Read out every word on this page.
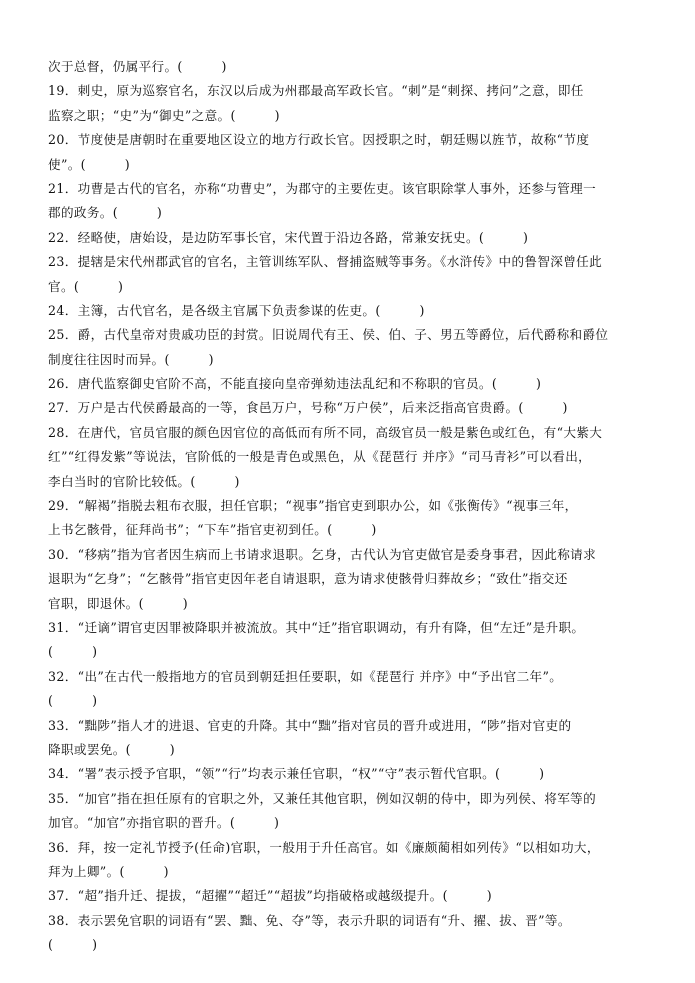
次于总督，仍属平行。(　　　)
19．刺史，原为巡察官名，东汉以后成为州郡最高军政长官。“刺”是“刺探、拷问”之意，即任
监察之职；“史”为“御史”之意。(　　　)
20．节度使是唐朝时在重要地区设立的地方行政长官。因授职之时，朝廷赐以旌节，故称“节度
使”。(　　　)
21．功曹是古代的官名，亦称“功曹史”，为郡守的主要佐吏。该官职除掌人事外，还参与管理一
郡的政务。(　　　)
22．经略使，唐始设，是边防军事长官，宋代置于沿边各路，常兼安抚史。(　　　)
23．提辖是宋代州郡武官的官名，主管训练军队、督捕盗贼等事务。《水浒传》中的鲁智深曾任此
官。(　　　)
24．主簿，古代官名，是各级主官属下负责参谋的佐吏。(　　　)
25．爵，古代皇帝对贵戚功臣的封赏。旧说周代有王、侯、伯、子、男五等爵位，后代爵称和爵位
制度往往因时而异。(　　　)
26．唐代监察御史官阶不高，不能直接向皇帝弹劾违法乱纪和不称职的官员。(　　　)
27．万户是古代侯爵最高的一等，食邑万户，号称“万户侯”，后来泛指高官贵爵。(　　　)
28．在唐代，官员官服的颜色因官位的高低而有所不同，高级官员一般是紫色或红色，有“大紫大
红”“红得发紫”等说法，官阶低的一般是青色或黑色，从《琵琶行 并序》“司马青衫”可以看出，
李白当时的官阶比较低。(　　　)
29．“解褐”指脱去粗布衣服，担任官职；“视事”指官吏到职办公，如《张衡传》“视事三年，
上书乞骸骨，征拜尚书”；“下车”指官吏初到任。(　　　)
30．“移病”指为官者因生病而上书请求退职。乞身，古代认为官吏做官是委身事君，因此称请求
退职为“乞身”；“乞骸骨”指官吏因年老自请退职，意为请求使骸骨归葬故乡；“致仕”指交还
官职，即退休。(　　　)
31．“迁谪”谓官吏因罪被降职并被流放。其中“迁”指官职调动，有升有降，但“左迁”是升职。
(　　　)
32．“出”在古代一般指地方的官员到朝廷担任要职，如《琵琶行 并序》中“予出官二年”。
(　　　)
33．“黜陟”指人才的进退、官吏的升降。其中“黜”指对官员的晋升或进用，“陟”指对官吏的
降职或罢免。(　　　)
34．“署”表示授予官职，“领”“行”均表示兼任官职，“权”“守”表示暂代官职。(　　　)
35．“加官”指在担任原有的官职之外，又兼任其他官职，例如汉朝的侍中，即为列侯、将军等的
加官。“加官”亦指官职的晋升。(　　　)
36．拜，按一定礼节授予(任命)官职，一般用于升任高官。如《廉颇蔺相如列传》“以相如功大，
拜为上卿”。(　　　)
37．“超”指升迁、提拔，“超擢”“超迁”“超拔”均指破格或越级提升。(　　　)
38．表示罢免官职的词语有“罢、黜、免、夺”等，表示升职的词语有“升、擢、拔、晋”等。
(　　　)
